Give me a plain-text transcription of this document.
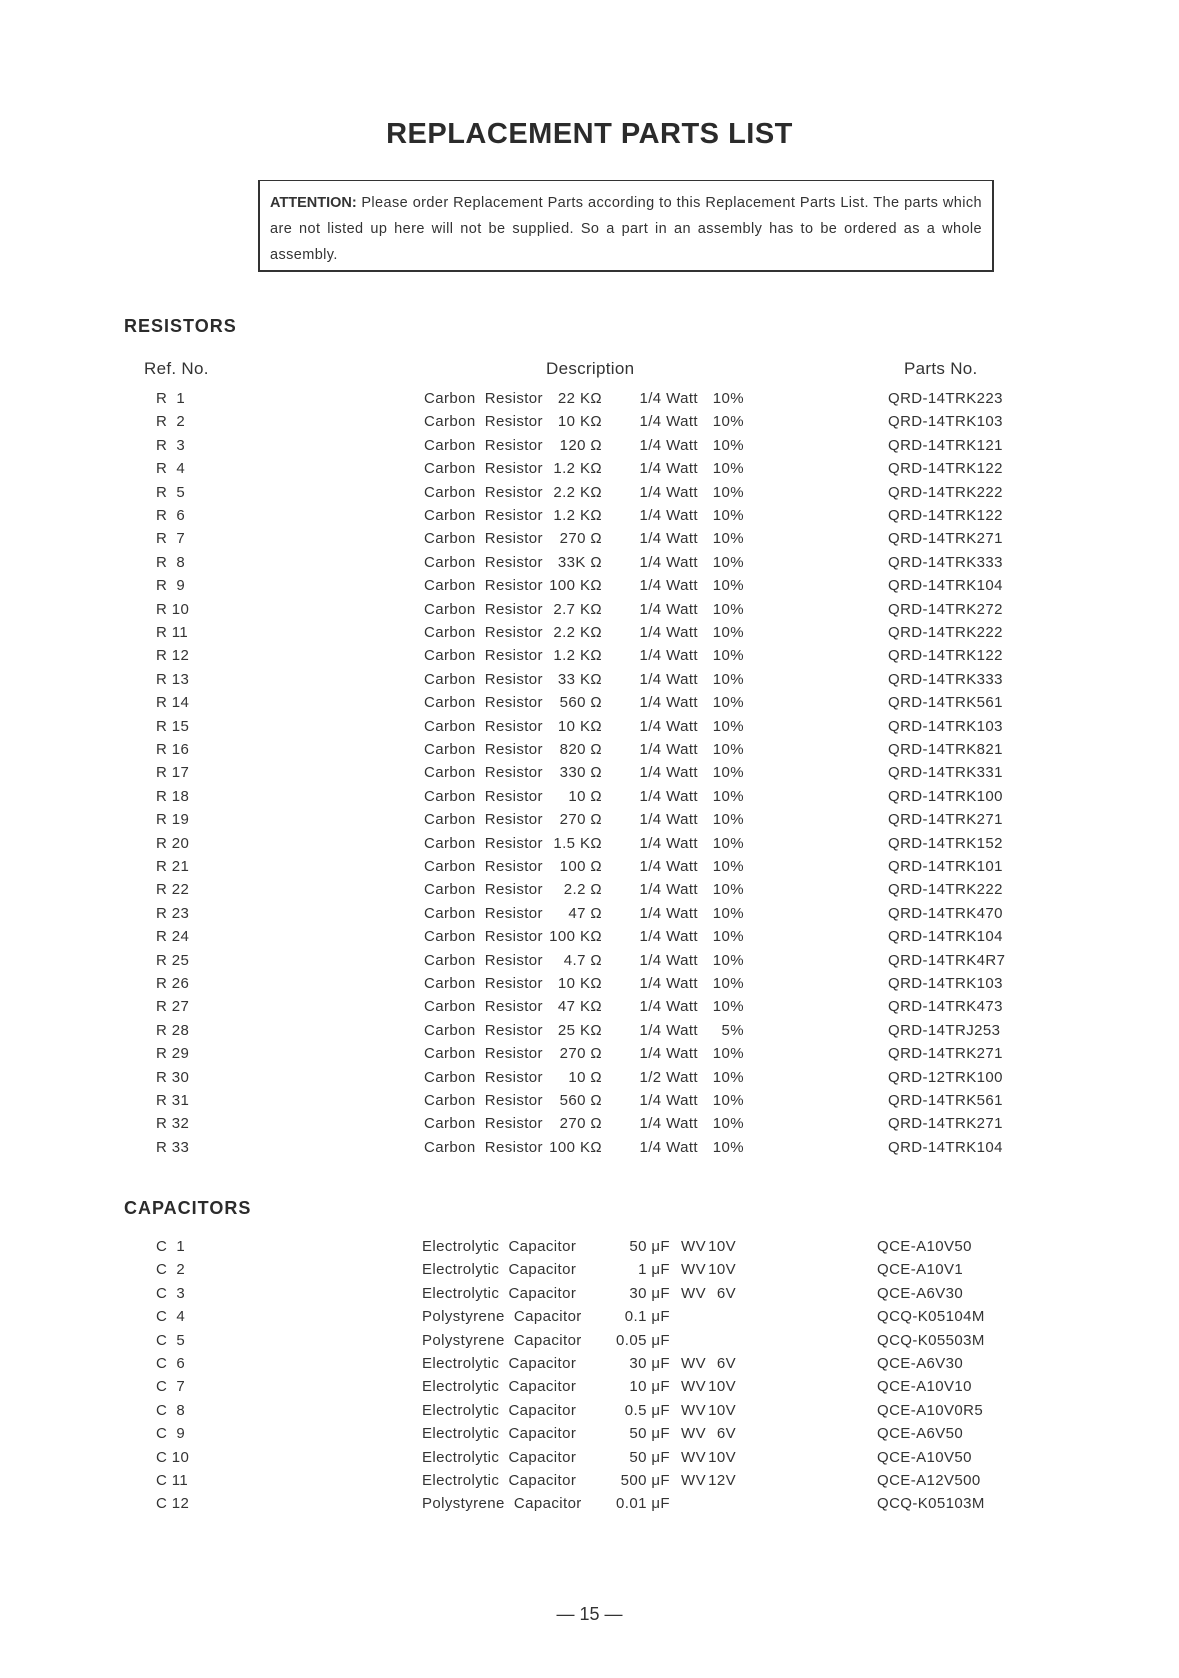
REPLACEMENT PARTS LIST
ATTENTION: Please order Replacement Parts according to this Replacement Parts List. The parts which are not listed up here will not be supplied. So a part in an assembly has to be ordered as a whole assembly.
RESISTORS
Ref. No.	Description	Parts No.
R  1	Carbon  Resistor 22 KΩ	1/4 Watt 10%	QRD-14TRK223
R  2	Carbon  Resistor 10 KΩ	1/4 Watt 10%	QRD-14TRK103
R  3	Carbon  Resistor	120 Ω	1/4 Watt 10%	QRD-14TRK121
R  4	Carbon  Resistor 1.2 KΩ	1/4 Watt 10%	QRD-14TRK122
R  5	Carbon  Resistor 2.2 KΩ	1/4 Watt 10%	QRD-14TRK222
R  6	Carbon  Resistor 1.2 KΩ	1/4 Watt 10%	QRD-14TRK122
R  7	Carbon  Resistor	270 Ω	1/4 Watt 10%	QRD-14TRK271
R  8	Carbon  Resistor 33K Ω	1/4 Watt 10%	QRD-14TRK333
R  9	Carbon  Resistor 100 KΩ	1/4 Watt 10%	QRD-14TRK104
R 10	Carbon  Resistor 2.7 KΩ	1/4 Watt 10%	QRD-14TRK272
R 11	Carbon  Resistor 2.2 KΩ	1/4 Watt 10%	QRD-14TRK222
R 12	Carbon  Resistor 1.2 KΩ	1/4 Watt 10%	QRD-14TRK122
R 13	Carbon  Resistor 33 KΩ	1/4 Watt 10%	QRD-14TRK333
R 14	Carbon  Resistor	560 Ω	1/4 Watt 10%	QRD-14TRK561
R 15	Carbon  Resistor 10 KΩ	1/4 Watt 10%	QRD-14TRK103
R 16	Carbon  Resistor	820 Ω	1/4 Watt 10%	QRD-14TRK821
R 17	Carbon  Resistor	330 Ω	1/4 Watt 10%	QRD-14TRK331
R 18	Carbon  Resistor	10 Ω	1/4 Watt 10%	QRD-14TRK100
R 19	Carbon  Resistor	270 Ω	1/4 Watt 10%	QRD-14TRK271
R 20	Carbon  Resistor 1.5 KΩ	1/4 Watt 10%	QRD-14TRK152
R 21	Carbon  Resistor	100 Ω	1/4 Watt 10%	QRD-14TRK101
R 22	Carbon  Resistor	2.2 Ω	1/4 Watt 10%	QRD-14TRK222
R 23	Carbon  Resistor	47 Ω	1/4 Watt 10%	QRD-14TRK470
R 24	Carbon  Resistor 100 KΩ	1/4 Watt 10%	QRD-14TRK104
R 25	Carbon  Resistor	4.7 Ω	1/4 Watt 10%	QRD-14TRK4R7
R 26	Carbon  Resistor 10 KΩ	1/4 Watt 10%	QRD-14TRK103
R 27	Carbon  Resistor 47 KΩ	1/4 Watt 10%	QRD-14TRK473
R 28	Carbon  Resistor 25 KΩ	1/4 Watt	5%	QRD-14TRJ253
R 29	Carbon  Resistor	270 Ω	1/4 Watt 10%	QRD-14TRK271
R 30	Carbon  Resistor	10 Ω	1/2 Watt 10%	QRD-12TRK100
R 31	Carbon  Resistor	560 Ω	1/4 Watt 10%	QRD-14TRK561
R 32	Carbon  Resistor	270 Ω	1/4 Watt 10%	QRD-14TRK271
R 33	Carbon  Resistor 100 KΩ	1/4 Watt 10%	QRD-14TRK104
CAPACITORS
C  1	Electrolytic  Capacitor	50 μF WV 10V	QCE-A10V50
C  2	Electrolytic  Capacitor	1 μF WV 10V	QCE-A10V1
C  3	Electrolytic  Capacitor	30 μF WV 6V	QCE-A6V30
C  4	Polystyrene  Capacitor	0.1 μF	QCQ-K05104M
C  5	Polystyrene  Capacitor	0.05 μF	QCQ-K05503M
C  6	Electrolytic  Capacitor	30 μF WV 6V	QCE-A6V30
C  7	Electrolytic  Capacitor	10 μF WV 10V	QCE-A10V10
C  8	Electrolytic  Capacitor	0.5 μF WV 10V	QCE-A10V0R5
C  9	Electrolytic  Capacitor	50 μF WV 6V	QCE-A6V50
C 10	Electrolytic  Capacitor	50 μF WV 10V	QCE-A10V50
C 11	Electrolytic  Capacitor	500 μF WV 12V	QCE-A12V500
C 12	Polystyrene  Capacitor	0.01 μF	QCQ-K05103M
— 15 —
